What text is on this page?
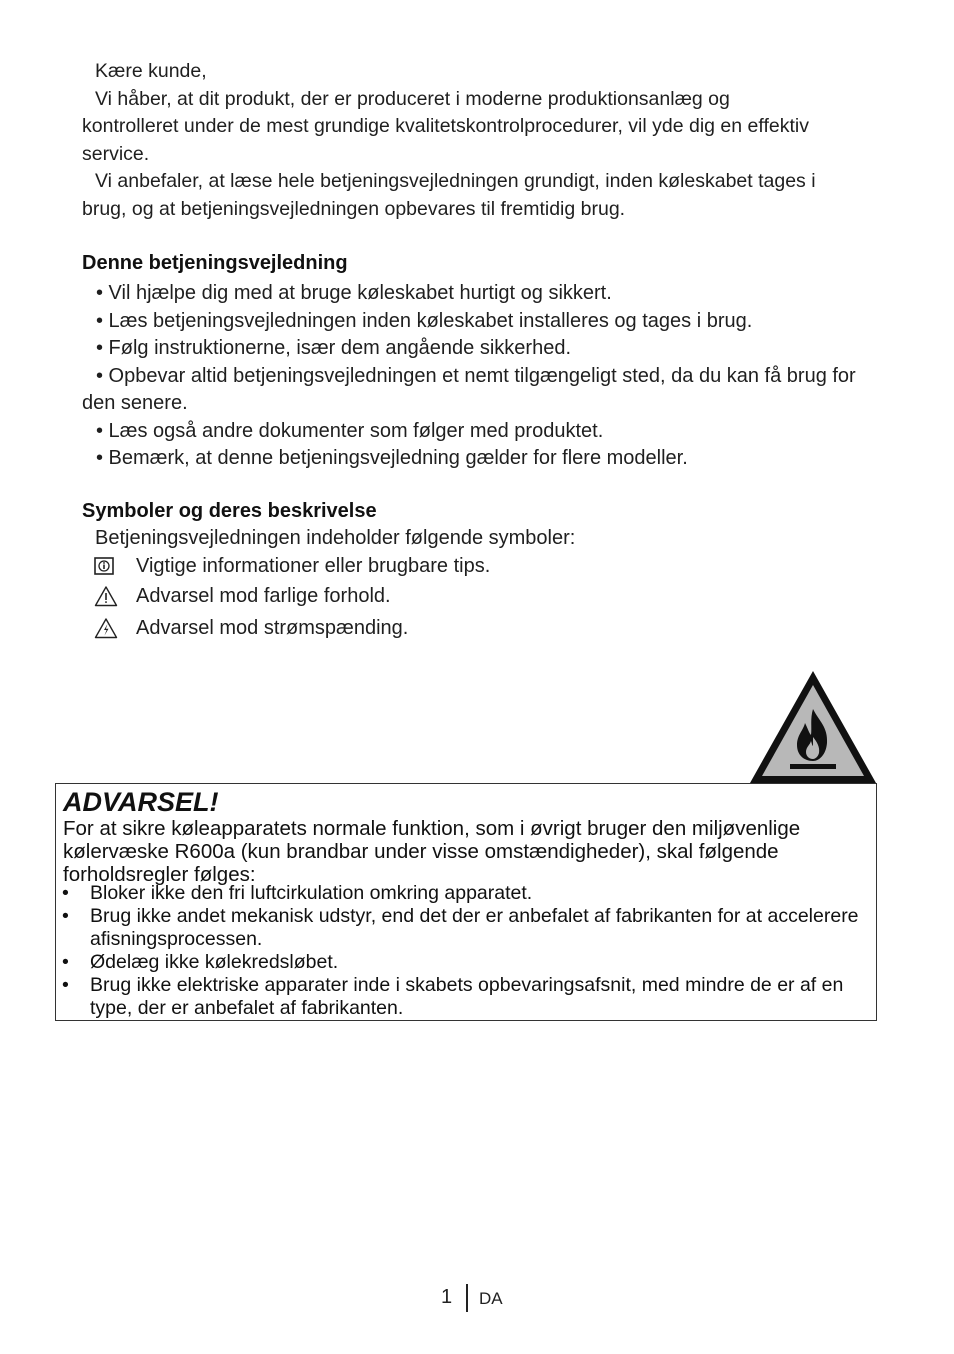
Kære kunde,

Vi håber, at dit produkt, der er produceret i moderne produktionsanlæg og kontrolleret under de mest grundige kvalitetskontrolprocedurer, vil yde dig en effektiv service.

Vi anbefaler, at læse hele betjeningsvejledningen grundigt, inden køleskabet tages i brug, og at betjeningsvejledningen opbevares til fremtidig brug.

Denne betjeningsvejledning

• Vil hjælpe dig med at bruge køleskabet hurtigt og sikkert.

• Læs betjeningsvejledningen inden køleskabet installeres og tages i brug.

• Følg instruktionerne, især dem angående sikkerhed.

• Opbevar altid betjeningsvejledningen et nemt tilgængeligt sted, da du kan få brug for den senere.

• Læs også andre dokumenter som følger med produktet.

• Bemærk, at denne betjeningsvejledning gælder for flere modeller.

Symboler og deres beskrivelse
Betjeningsvejledningen indeholder følgende symboler:
Vigtige informationer eller brugbare tips.
Advarsel mod farlige forhold.
Advarsel mod strømspænding.
ADVARSEL!
For at sikre køleapparatets normale funktion, som i øvrigt bruger den miljøvenlige kølervæske R600a (kun brandbar under visse omstændigheder), skal følgende forholdsregler følges:
• Bloker ikke den fri luftcirkulation omkring apparatet.
• Brug ikke andet mekanisk udstyr, end det der er anbefalet af fabrikanten for at accelerere afisningsprocessen.
• Ødelæg ikke kølekredsløbet.
• Brug ikke elektriske apparater inde i skabets opbevaringsafsnit, med mindre de er af en type, der er anbefalet af fabrikanten.
1 DA
